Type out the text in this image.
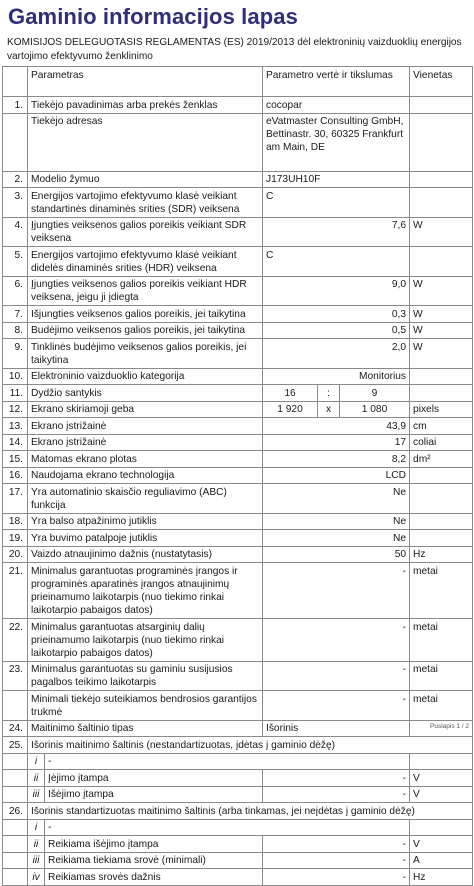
Gaminio informacijos lapas
KOMISIJOS DELEGUOTASIS REGLAMENTAS (ES) 2019/2013 dėl elektroninių vaizduoklių energijos vartojimo efektyvumo ženklinimo
	Parametras		Parametro vertė ir tikslumas			Vienetas
1.	Tiekėjo pavadinimas arba prekės ženklas		cocopar			
	Tiekėjo adresas		eVatmaster Consulting GmbH, Bettinastr. 30, 60325 Frankfurt am Main, DE			
2.	Modelio žymuo		J173UH10F			
3.	Energijos vartojimo efektyvumo klasė veikiant standartinės dinaminės srities (SDR) veiksena		C			
4.	Įjungties veiksenos galios poreikis veikiant SDR veiksena		7,6			W
5.	Energijos vartojimo efektyvumo klasė veikiant didelės dinaminės srities (HDR) veiksena		C			
6.	Įjungties veiksenos galios poreikis veikiant HDR veiksena, jeigu ji įdiegta		9,0			W
7.	Išjungties veiksenos galios poreikis, jei taikytina		0,3			W
8.	Budėjimo veiksenos galios poreikis, jei taikytina		0,5			W
9.	Tinklinės budėjimo veiksenos galios poreikis, jei taikytina		2,0			W
10.	Elektroninio vaizduoklio kategorija		Monitorius			
11.	Dydžio santykis		16	:	9	
12.	Ekrano skiriamoji geba		1 920	x	1 080	pixels
13.	Ekrano įstrižainė		43,9			cm
14.	Ekrano įstrižainė		17			coliai
15.	Matomas ekrano plotas		8,2			dm²
16.	Naudojama ekrano technologija		LCD			
17.	Yra automatinio skaisčio reguliavimo (ABC) funkcija		Ne			
18.	Yra balso atpažinimo jutiklis		Ne			
19.	Yra buvimo patalpoje jutiklis		Ne			
20.	Vaizdo atnaujinimo dažnis (nustatytasis)		50			Hz
21.	Minimalus garantuotas programinės įrangos ir programinės aparatinės įrangos atnaujinimų prieinamumo laikotarpis (nuo tiekimo rinkai laikotarpio pabaigos datos)		-			metai
22.	Minimalus garantuotas atsarginių dalių prieinamumo laikotarpis (nuo tiekimo rinkai laikotarpio pabaigos datos)		-			metai
23.	Minimalus garantuotas su gaminiu susijusios pagalbos teikimo laikotarpis		-			metai
	Minimali tiekėjo suteikiamos bendrosios garantijos trukmė		-			metai
24.	Maitinimo šaltinio tipas		Išorinis			
25.	Išorinis maitinimo šaltinis (nestandartizuotas, įdėtas į gaminio dėžę)					
	i	-				
	ii	Įėjimo įtampa	-			V
	iii	Išėjimo įtampa	-			V
26.	Išorinis standartizuotas maitinimo šaltinis (arba tinkamas, jei neįdėtas į gaminio dėžę)					
	i	-				
	ii	Reikiama išėjimo įtampa	-			V
	iii	Reikiama tiekiama srovė (minimali)	-			A
	iv	Reikiamas srovės dažnis	-			Hz
Puslapis 1 / 2
